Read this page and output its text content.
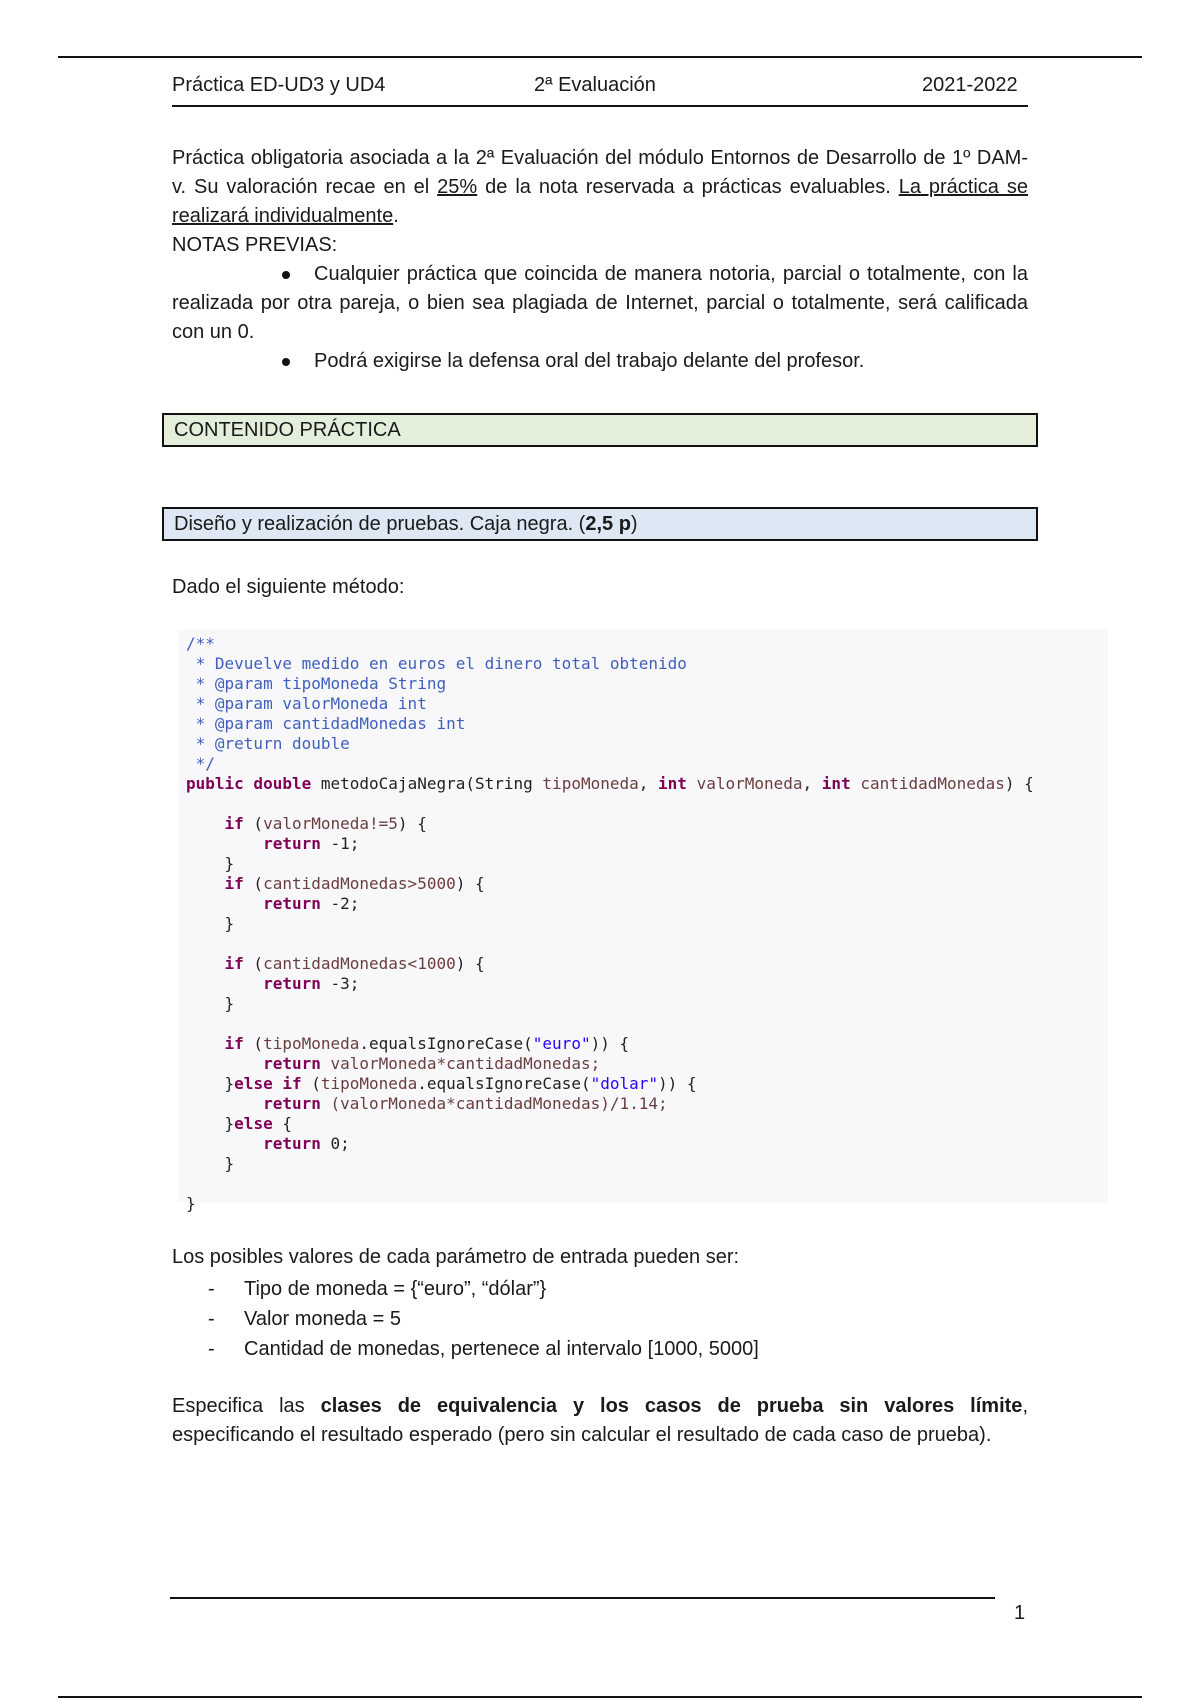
Práctica ED-UD3 y UD4	2ª Evaluación	2021-2022

Práctica obligatoria asociada a la 2ª Evaluación del módulo Entornos de Desarrollo de 1º DAM-v. Su valoración recae en el 25% de la nota reservada a prácticas evaluables. La práctica se realizará individualmente.

NOTAS PREVIAS:

Cualquier práctica que coincida de manera notoria, parcial o totalmente, con la realizada por otra pareja, o bien sea plagiada de Internet, parcial o totalmente, será calificada con un 0.

Podrá exigirse la defensa oral del trabajo delante del profesor.

CONTENIDO PRÁCTICA
Diseño y realización de pruebas. Caja negra. (2,5 p)
Dado el siguiente método:
/**
* Devuelve medido en euros el dinero total obtenido
* @param tipoMoneda String
* @param valorMoneda int
* @param cantidadMonedas int
* @return double
*/
public double metodoCajaNegra(String tipoMoneda, int valorMoneda, int cantidadMonedas) {

if (valorMoneda!=5) {
return -1;
}
if (cantidadMonedas>5000) {
return -2;
}

if (cantidadMonedas<1000) {
return -3;
}

if (tipoMoneda.equalsIgnoreCase("euro")) {
return valorMoneda*cantidadMonedas;
}else if (tipoMoneda.equalsIgnoreCase("dolar")) {
return (valorMoneda*cantidadMonedas)/1.14;
}else {
return 0;
}

}
Los posibles valores de cada parámetro de entrada pueden ser:
- Tipo de moneda = {“euro”, “dólar”}
- Valor moneda = 5
- Cantidad de monedas, pertenece al intervalo [1000, 5000]

Especifica las clases de equivalencia y los casos de prueba sin valores límite, especificando el resultado esperado (pero sin calcular el resultado de cada caso de prueba).

1
